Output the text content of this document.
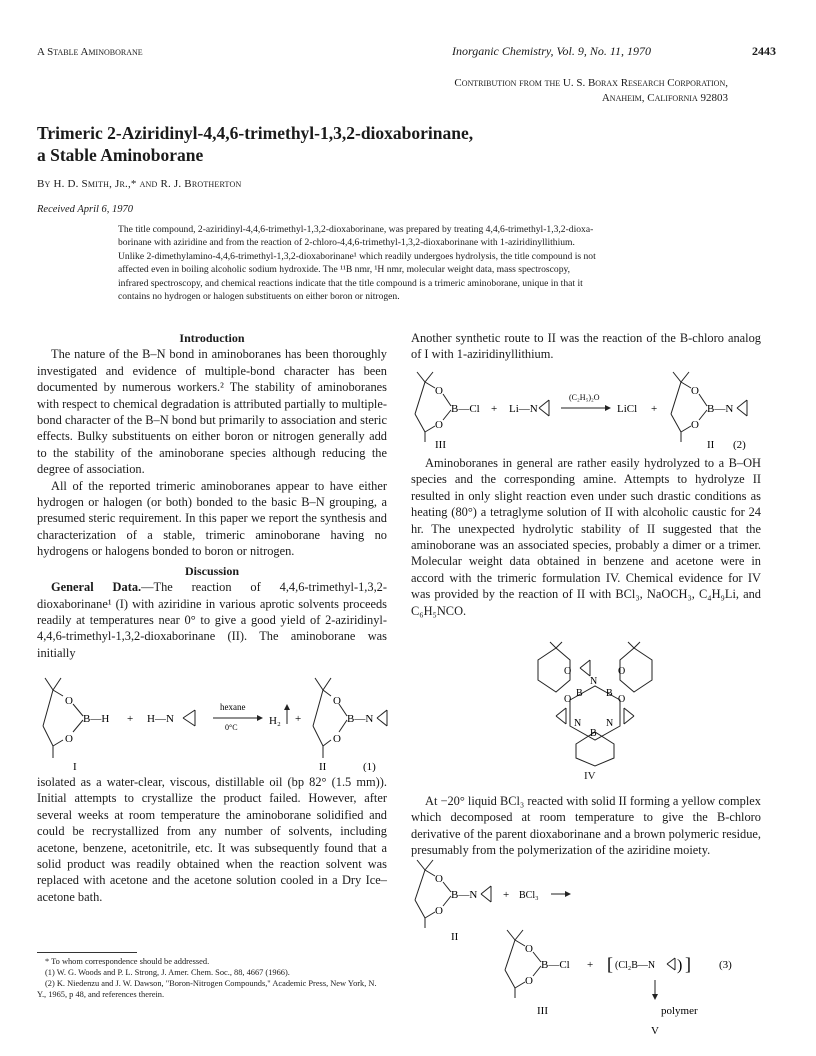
A Stable Aminoborane	Inorganic Chemistry, Vol. 9, No. 11, 1970	2443
Contribution from the U. S. Borax Research Corporation,
Anaheim, California 92803
Trimeric 2-Aziridinyl-4,4,6-trimethyl-1,3,2-dioxaborinane,
a Stable Aminoborane
By H. D. Smith, Jr.,* and R. J. Brotherton
Received April 6, 1970
The title compound, 2-aziridinyl-4,4,6-trimethyl-1,3,2-dioxaborinane, was prepared by treating 4,4,6-trimethyl-1,3,2-dioxa-
borinane with aziridine and from the reaction of 2-chloro-4,4,6-trimethyl-1,3,2-dioxaborinane with 1-aziridinyllithium.
Unlike 2-dimethylamino-4,4,6-trimethyl-1,3,2-dioxaborinane¹ which readily undergoes hydrolysis, the title compound is not
affected even in boiling alcoholic sodium hydroxide. The ¹¹B nmr, ¹H nmr, molecular weight data, mass spectroscopy,
infrared spectroscopy, and chemical reactions indicate that the title compound is a trimeric aminoborane, unique in that it
contains no hydrogen or halogen substituents on either boron or nitrogen.
Introduction

The nature of the B–N bond in aminoboranes has been thoroughly investigated and evidence of multiple-bond character has been documented by numerous workers.² The stability of aminoboranes with respect to chemical degradation is attributed partially to multiple-bond character of the B–N bond but primarily to association and steric effects. Bulky substituents on either boron or nitrogen generally add to the stability of the aminoborane species although reducing the degree of association.

All of the reported trimeric aminoboranes appear to have either hydrogen or halogen (or both) bonded to the basic B–N grouping, a presumed steric requirement. In this paper we report the synthesis and characterization of a stable, trimeric aminoborane having no hydrogens or halogens bonded to boron or nitrogen.

Discussion

General Data.—The reaction of 4,4,6-trimethyl-1,3,2-dioxaborinane¹ (I) with aziridine in various aprotic solvents proceeds readily at temperatures near 0° to give a good yield of 2-aziridinyl-4,4,6-trimethyl-1,3,2-dioxaborinane (II). The aminoborane was initially

O
O
B—H + H—N
hexane
0°C
H₂ +
O
O
B—N
I	II	(1)

isolated as a water-clear, viscous, distillable oil (bp 82° (1.5 mm)). Initial attempts to crystallize the product failed. However, after several weeks at room temperature the aminoborane solidified and could be recrystallized from any number of solvents, including acetone, benzene, acetonitrile, etc. It was subsequently found that a solid product was readily obtained when the reaction solvent was replaced with acetone and the acetone solution cooled in a Dry Ice–acetone bath.

* To whom correspondence should be addressed.

(1) W. G. Woods and P. L. Strong, J. Amer. Chem. Soc., 88, 4667 (1966).

(2) K. Niedenzu and J. W. Dawson, "Boron-Nitrogen Compounds," Academic Press, New York, N. Y., 1965, p 48, and references therein.

Another synthetic route to II was the reaction of the B-chloro analog of I with 1-aziridinyllithium.

O
O
B—Cl + Li—N
(C₂H₅)₂O
LiCl +
O
O
B—N
III	II (2)

Aminoboranes in general are rather easily hydrolyzed to a B–OH species and the corresponding amine. Attempts to hydrolyze II resulted in only slight reaction even under such drastic conditions as heating (80°) a tetraglyme solution of II with alcoholic caustic for 24 hr. The unexpected hydrolytic stability of II suggested that the aminoborane was an associated species, probably a dimer or a trimer. Molecular weight data obtained in benzene and acetone were in accord with the trimeric formulation IV. Chemical evidence for IV was provided by the reaction of II with BCl₃, NaOCH₃, C₄H₉Li, and C₆H₅NCO.

O	O
O	O
B B
B
N
N N
IV

At −20° liquid BCl₃ reacted with solid II forming a yellow complex which decomposed at room temperature to give the B-chloro derivative of the parent dioxaborinane and a brown polymeric residue, presumably from the polymerization of the aziridine moiety.

O
O
B—N + BCl₃
II
O
O
B—Cl + [ (Cl₂B—N ) ]	(3)
III	polymer
V
